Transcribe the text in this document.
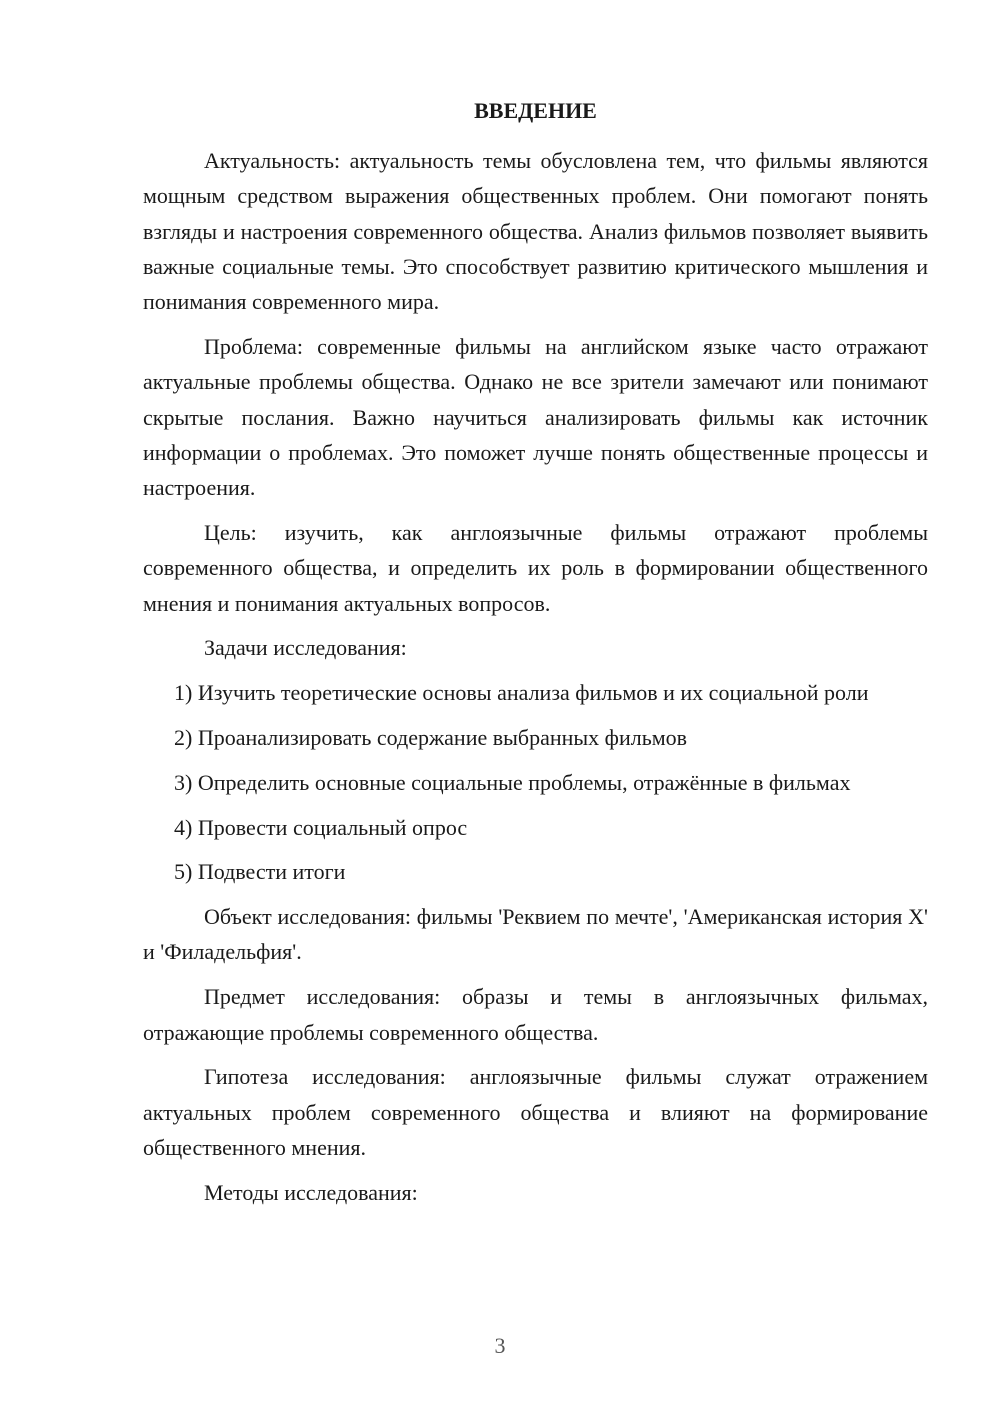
ВВЕДЕНИЕ

Актуальность: актуальность темы обусловлена тем, что фильмы являются мощным средством выражения общественных проблем. Они помогают понять взгляды и настроения современного общества. Анализ фильмов позволяет выявить важные социальные темы. Это способствует развитию критического мышления и понимания современного мира.

Проблема: современные фильмы на английском языке часто отражают актуальные проблемы общества. Однако не все зрители замечают или понимают скрытые послания. Важно научиться анализировать фильмы как источник информации о проблемах. Это поможет лучше понять общественные процессы и настроения.

Цель: изучить, как англоязычные фильмы отражают проблемы современного общества, и определить их роль в формировании общественного мнения и понимания актуальных вопросов.

Задачи исследования:

1) Изучить теоретические основы анализа фильмов и их социальной роли

2) Проанализировать содержание выбранных фильмов

3) Определить основные социальные проблемы, отражённые в фильмах

4) Провести социальный опрос

5) Подвести итоги

Объект исследования: фильмы 'Реквием по мечте', 'Американская история X' и 'Филадельфия'.

Предмет исследования: образы и темы в англоязычных фильмах, отражающие проблемы современного общества.

Гипотеза исследования: англоязычные фильмы служат отражением актуальных проблем современного общества и влияют на формирование общественного мнения.

Методы исследования:

3
